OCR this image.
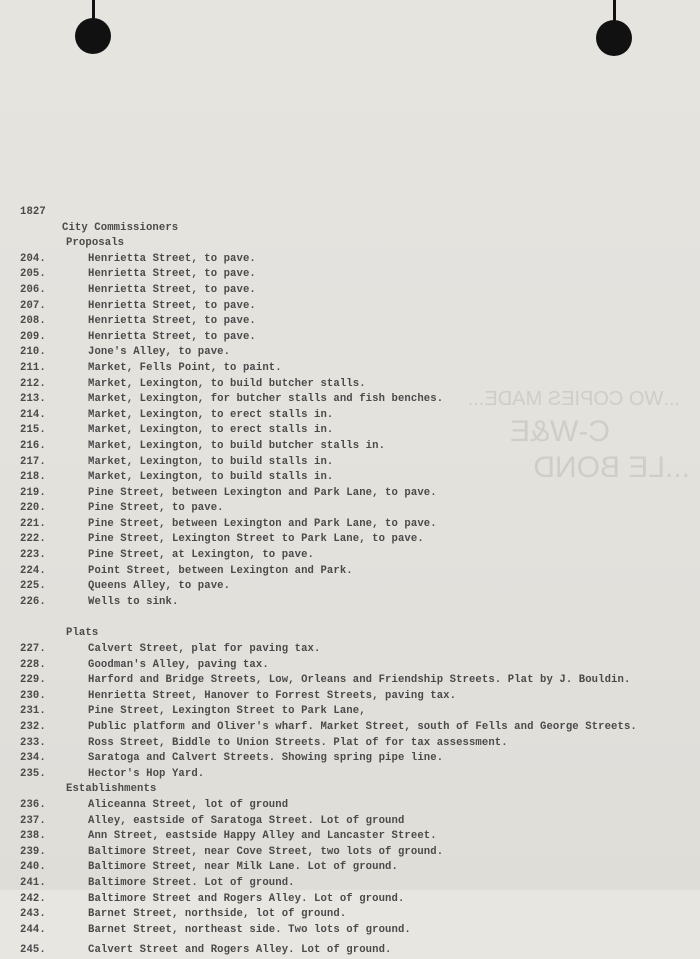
...WO COPIES MADE...
C-W&E
...LE BOND
1827
City Commissioners
Proposals
204.	Henrietta Street, to pave.
205.	Henrietta Street, to pave.
206.	Henrietta Street, to pave.
207.	Henrietta Street, to pave.
208.	Henrietta Street, to pave.
209.	Henrietta Street, to pave.
210.	Jone's Alley, to pave.
211.	Market, Fells Point, to paint.
212.	Market, Lexington, to build butcher stalls.
213.	Market, Lexington, for butcher stalls and fish benches.
214.	Market, Lexington, to erect stalls in.
215.	Market, Lexington, to erect stalls in.
216.	Market, Lexington, to build butcher stalls in.
217.	Market, Lexington, to build stalls in.
218.	Market, Lexington, to build stalls in.
219.	Pine Street, between Lexington and Park Lane, to pave.
220.	Pine Street, to pave.
221.	Pine Street, between Lexington and Park Lane, to pave.
222.	Pine Street, Lexington Street to Park Lane, to pave.
223.	Pine Street, at Lexington, to pave.
224.	Point Street, between Lexington and Park.
225.	Queens Alley, to pave.
226.	Wells to sink.
Plats
227.	Calvert Street, plat for paving tax.
228.	Goodman's Alley, paving tax.
229.	Harford and Bridge Streets, Low, Orleans and Friendship Streets. Plat by J. Bouldin.
230.	Henrietta Street, Hanover to Forrest Streets, paving tax.
231.	Pine Street, Lexington Street to Park Lane,
232.	Public platform and Oliver's wharf. Market Street, south of Fells and George Streets.
233.	Ross Street, Biddle to Union Streets. Plat of for tax assessment.
234.	Saratoga and Calvert Streets. Showing spring pipe line.
235.	Hector's Hop Yard.
Establishments
236.	Aliceanna Street, lot of ground
237.	Alley, eastside of Saratoga Street. Lot of ground
238.	Ann Street, eastside Happy Alley and Lancaster Street.
239.	Baltimore Street, near Cove Street, two lots of ground.
240.	Baltimore Street, near Milk Lane. Lot of ground.
241.	Baltimore Street. Lot of ground.
242.	Baltimore Street and Rogers Alley. Lot of ground.
243.	Barnet Street, northside, lot of ground.
244.	Barnet Street, northeast side. Two lots of ground.
245.	Calvert Street and Rogers Alley. Lot of ground.
